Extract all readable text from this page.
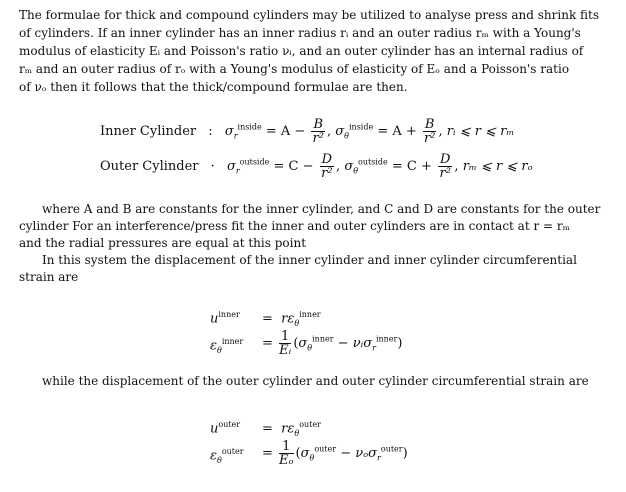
The formulae for thick and compound cylinders may be utilized to analyse press and shrink fits
of cylinders. If an inner cylinder has an inner radius rᵢ and an outer radius rₘ with a Young's
modulus of elasticity Eᵢ and Poisson's ratio νᵢ, and an outer cylinder has an internal radius of
rₘ and an outer radius of rₒ with a Young's modulus of elasticity of Eₒ and a Poisson's ratio
of νₒ then it follows that the thick/compound formulae are then.
Inner Cylinder : $\sigma_r^{inside} = A - \frac{B}{\text{r²}}$ , $\sigma_\theta^{inside} = A + \frac{B}{\text{r²}}$ , rᵢ ⩽ r ⩽ rₘ
Outer Cylinder · $\sigma_r^{outside} = C - \frac{D}{\text{r²}}$ , $\sigma_\theta^{outside} = C + \frac{D}{\text{r²}}$ , rₘ ⩽ r ⩽ rₒ
where A and B are constants for the inner cylinder, and C and D are constants for the outer
cylinder For an interference/press fit the inner and outer cylinders are in contact at r = rₘ
and the radial pressures are equal at this point
In this system the displacement of the inner cylinder and inner cylinder circumferential
strain are
$u^{inner} = r\varepsilon_\theta^{inner}$
$\varepsilon_\theta^{inner} = \frac{1}{\text{Eᵢ}} (\sigma_\theta^{inner}$ − νᵢσ$_r^{inner}$)
while the displacement of the outer cylinder and outer cylinder circumferential strain are
$u^{outer} = r\varepsilon_\theta^{outer}$
$\varepsilon_\theta^{outer} = \frac{1}{\text{Eₒ}} (\sigma_\theta^{outer} - \nu_o\sigma_r^{outer})$
